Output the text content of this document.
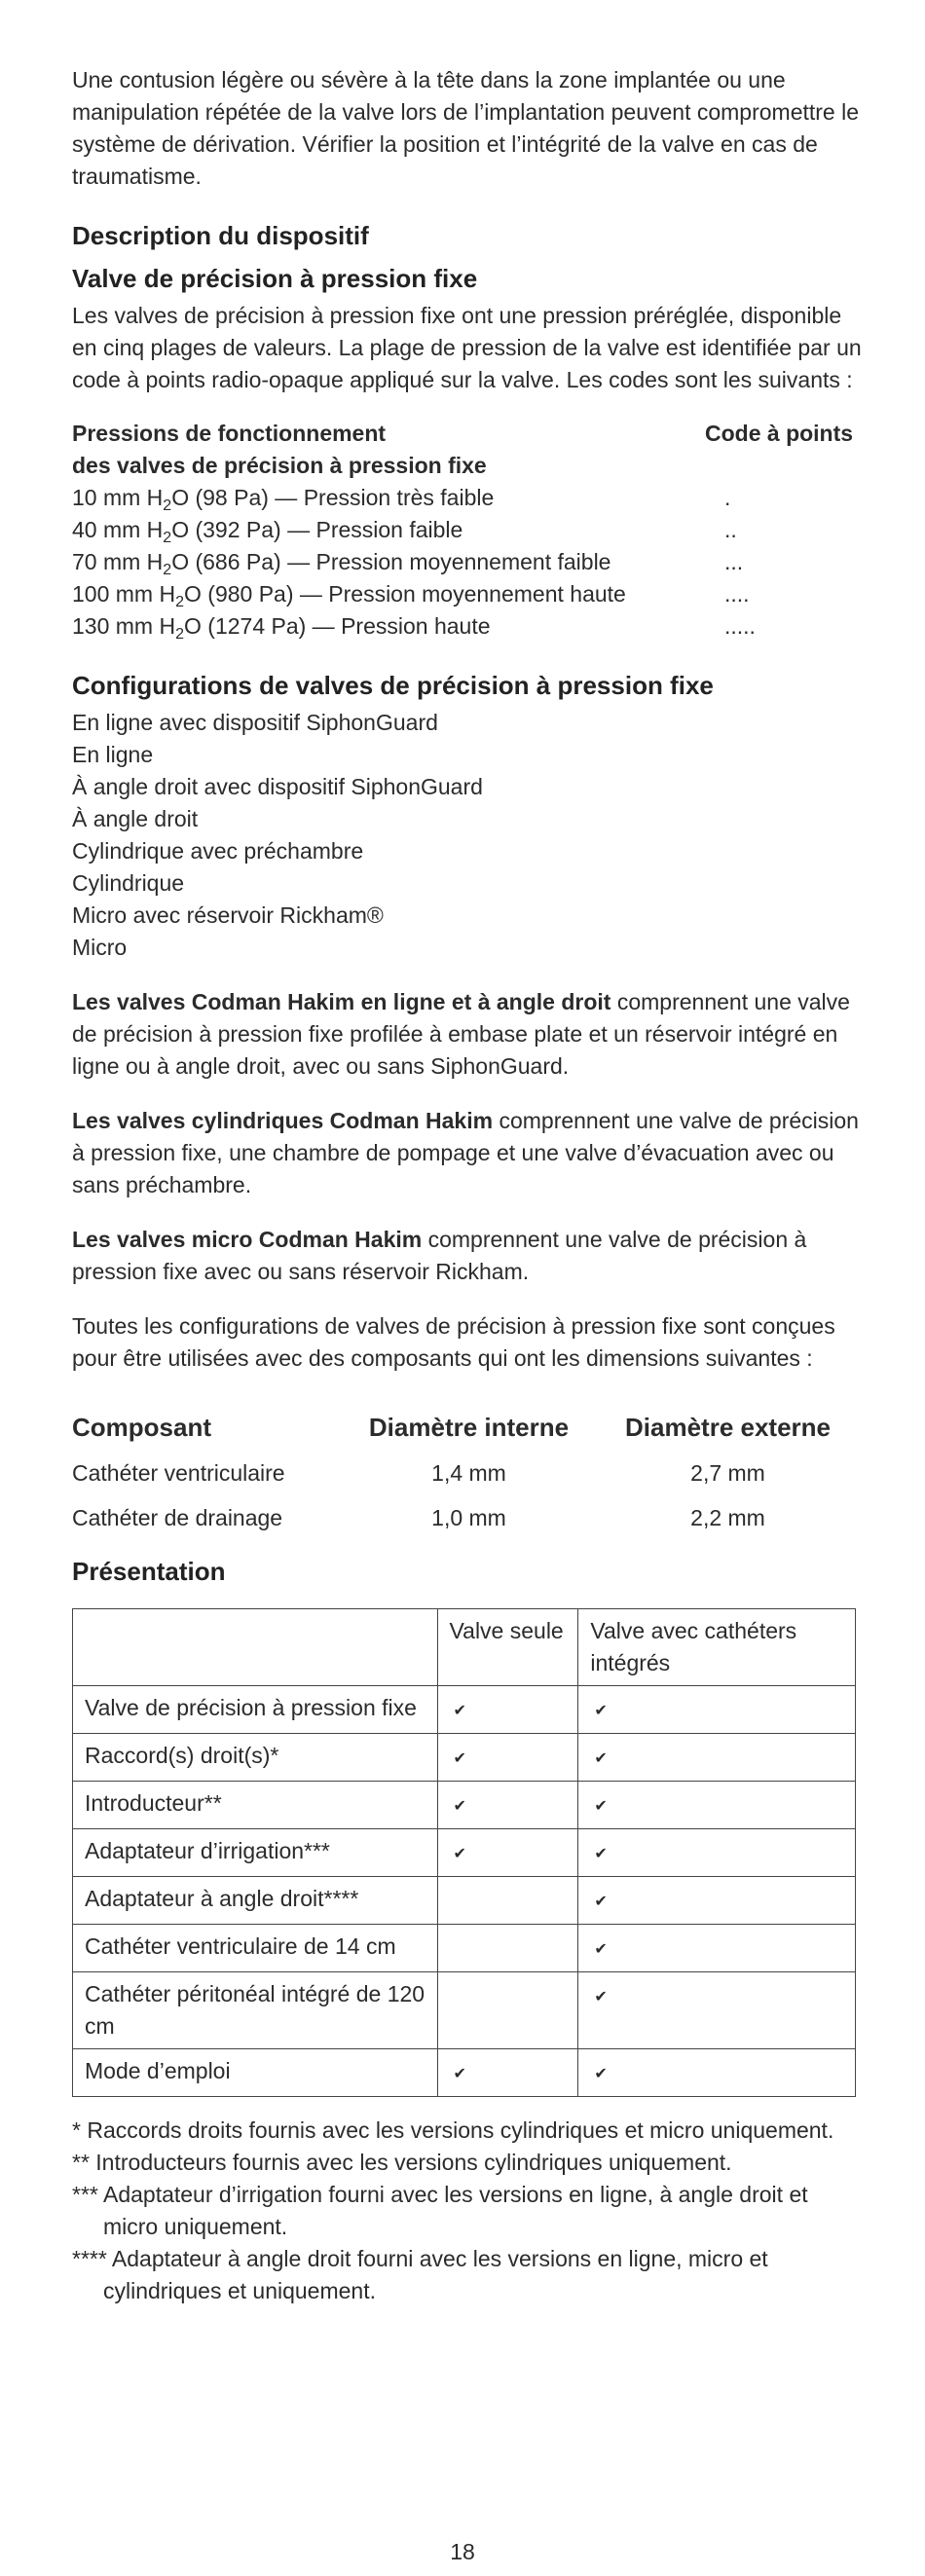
Une contusion légère ou sévère à la tête dans la zone implantée ou une manipulation répétée de la valve lors de l’implantation peuvent compromettre le système de dérivation. Vérifier la position et l’intégrité de la valve en cas de traumatisme.

Description du dispositif
Valve de précision à pression fixe

Les valves de précision à pression fixe ont une pression préréglée, disponible en cinq plages de valeurs. La plage de pression de la valve est identifiée par un code à points radio-opaque appliqué sur la valve. Les codes sont les suivants :

Pressions de fonctionnement	Code à points
des valves de précision à pression fixe
10 mm $H_2O$ (98 Pa) — Pression très faible	.
40 mm $H_2O$ (392 Pa) — Pression faible	..
70 mm $H_2O$ (686 Pa) — Pression moyennement faible	...
100 mm $H_2O$ (980 Pa) — Pression moyennement haute	....
130 mm $H_2O$ (1274 Pa) — Pression haute	.....
Configurations de valves de précision à pression fixe
En ligne avec dispositif SiphonGuard
En ligne
À angle droit avec dispositif SiphonGuard
À angle droit
Cylindrique avec préchambre
Cylindrique
Micro avec réservoir Rickham®
Micro

Les valves Codman Hakim en ligne et à angle droit comprennent une valve de précision à pression fixe profilée à embase plate et un réservoir intégré en ligne ou à angle droit, avec ou sans SiphonGuard.

Les valves cylindriques Codman Hakim comprennent une valve de précision à pression fixe, une chambre de pompage et une valve d’évacuation avec ou sans préchambre.

Les valves micro Codman Hakim comprennent une valve de précision à pression fixe avec ou sans réservoir Rickham.

Toutes les configurations de valves de précision à pression fixe sont conçues pour être utilisées avec des composants qui ont les dimensions suivantes :

Composant	Diamètre interne	Diamètre externe
Cathéter ventriculaire	1,4 mm	2,7 mm
Cathéter de drainage	1,0 mm	2,2 mm
Présentation
	Valve seule	Valve avec cathéters intégrés
Valve de précision à pression fixe	✔	✔
Raccord(s) droit(s)*	✔	✔
Introducteur**	✔	✔
Adaptateur d’irrigation***	✔	✔
Adaptateur à angle droit****		✔
Cathéter ventriculaire de 14 cm		✔
Cathéter péritonéal intégré de 120 cm		✔
Mode d’emploi	✔	✔
* Raccords droits fournis avec les versions cylindriques et micro uniquement.
** Introducteurs fournis avec les versions cylindriques uniquement.
*** Adaptateur d’irrigation fourni avec les versions en ligne, à angle droit et micro uniquement.
**** Adaptateur à angle droit fourni avec les versions en ligne, micro et cylindriques et uniquement.
18
